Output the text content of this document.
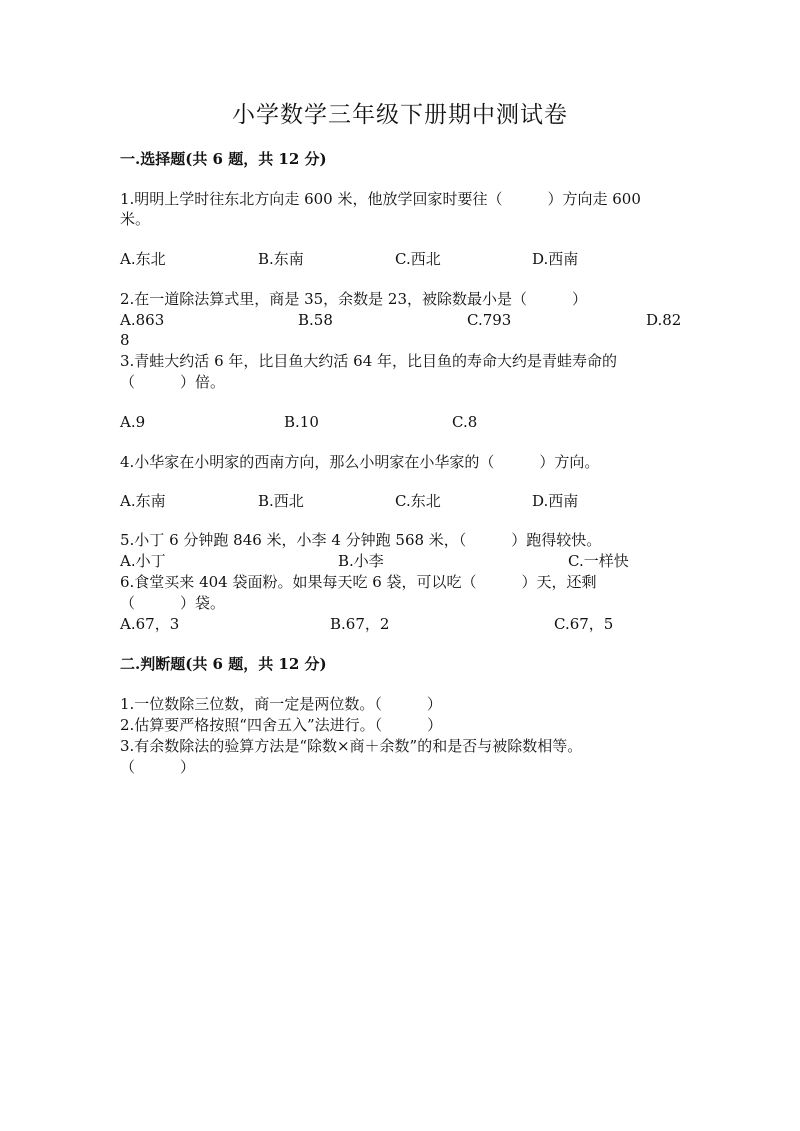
小学数学三年级下册期中测试卷
一.选择题(共 6 题，共 12 分)
1.明明上学时往东北方向走 600 米，他放学回家时要往（　　　）方向走 600
米。
A.东北	B.东南	C.西北	D.西南
2.在一道除法算式里，商是 35，余数是 23，被除数最小是（　　　）
A.863	B.58	C.793	D.82
8
3.青蛙大约活 6 年，比目鱼大约活 64 年，比目鱼的寿命大约是青蛙寿命的
（　　　）倍。
A.9	B.10	C.8
4.小华家在小明家的西南方向，那么小明家在小华家的（　　　）方向。
A.东南	B.西北	C.东北	D.西南
5.小丁 6 分钟跑 846 米，小李 4 分钟跑 568 米，（　　　）跑得较快。
A.小丁	B.小李	C.一样快
6.食堂买来 404 袋面粉。如果每天吃 6 袋，可以吃（　　　）天，还剩
（　　　）袋。
A.67，3	B.67，2	C.67，5
二.判断题(共 6 题，共 12 分)
1.一位数除三位数，商一定是两位数。（　　　）
2.估算要严格按照“四舍五入”法进行。（　　　）
3.有余数除法的验算方法是“除数×商＋余数”的和是否与被除数相等。
（　　　）
